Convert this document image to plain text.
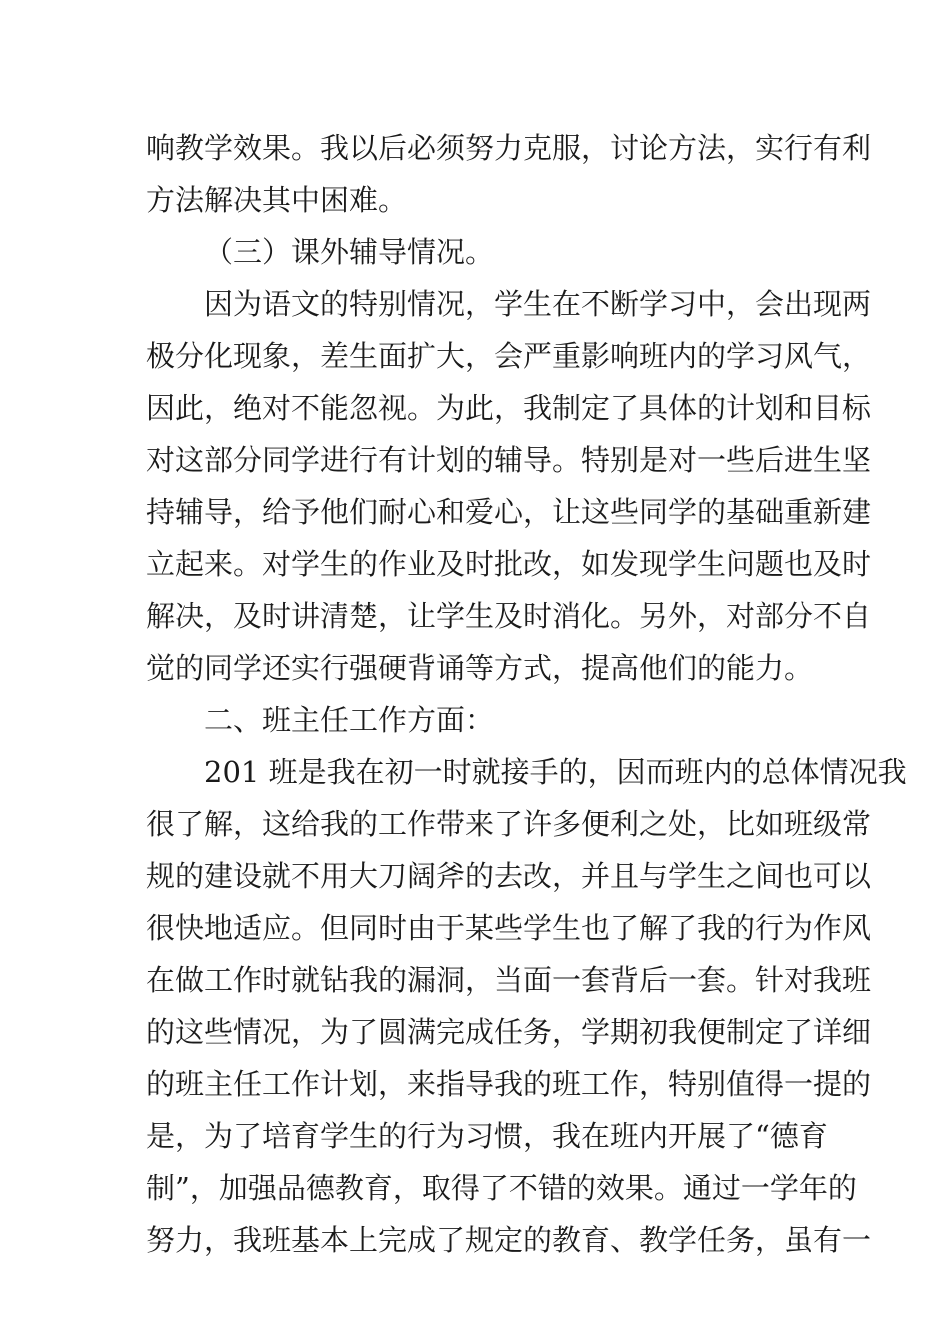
响教学效果。我以后必须努力克服，讨论方法，实行有利

方法解决其中困难。

（三）课外辅导情况。

因为语文的特别情况，学生在不断学习中，会出现两

极分化现象，差生面扩大，会严重影响班内的学习风气，

因此，绝对不能忽视。为此，我制定了具体的计划和目标

对这部分同学进行有计划的辅导。特别是对一些后进生坚

持辅导，给予他们耐心和爱心，让这些同学的基础重新建

立起来。对学生的作业及时批改，如发现学生问题也及时

解决，及时讲清楚，让学生及时消化。另外，对部分不自

觉的同学还实行强硬背诵等方式，提高他们的能力。

二、班主任工作方面：

201 班是我在初一时就接手的，因而班内的总体情况我

很了解，这给我的工作带来了许多便利之处，比如班级常

规的建设就不用大刀阔斧的去改，并且与学生之间也可以

很快地适应。但同时由于某些学生也了解了我的行为作风

在做工作时就钻我的漏洞，当面一套背后一套。针对我班

的这些情况，为了圆满完成任务，学期初我便制定了详细

的班主任工作计划，来指导我的班工作，特别值得一提的

是，为了培育学生的行为习惯，我在班内开展了“德育

制”，加强品德教育，取得了不错的效果。通过一学年的

努力，我班基本上完成了规定的教育、教学任务，虽有一
